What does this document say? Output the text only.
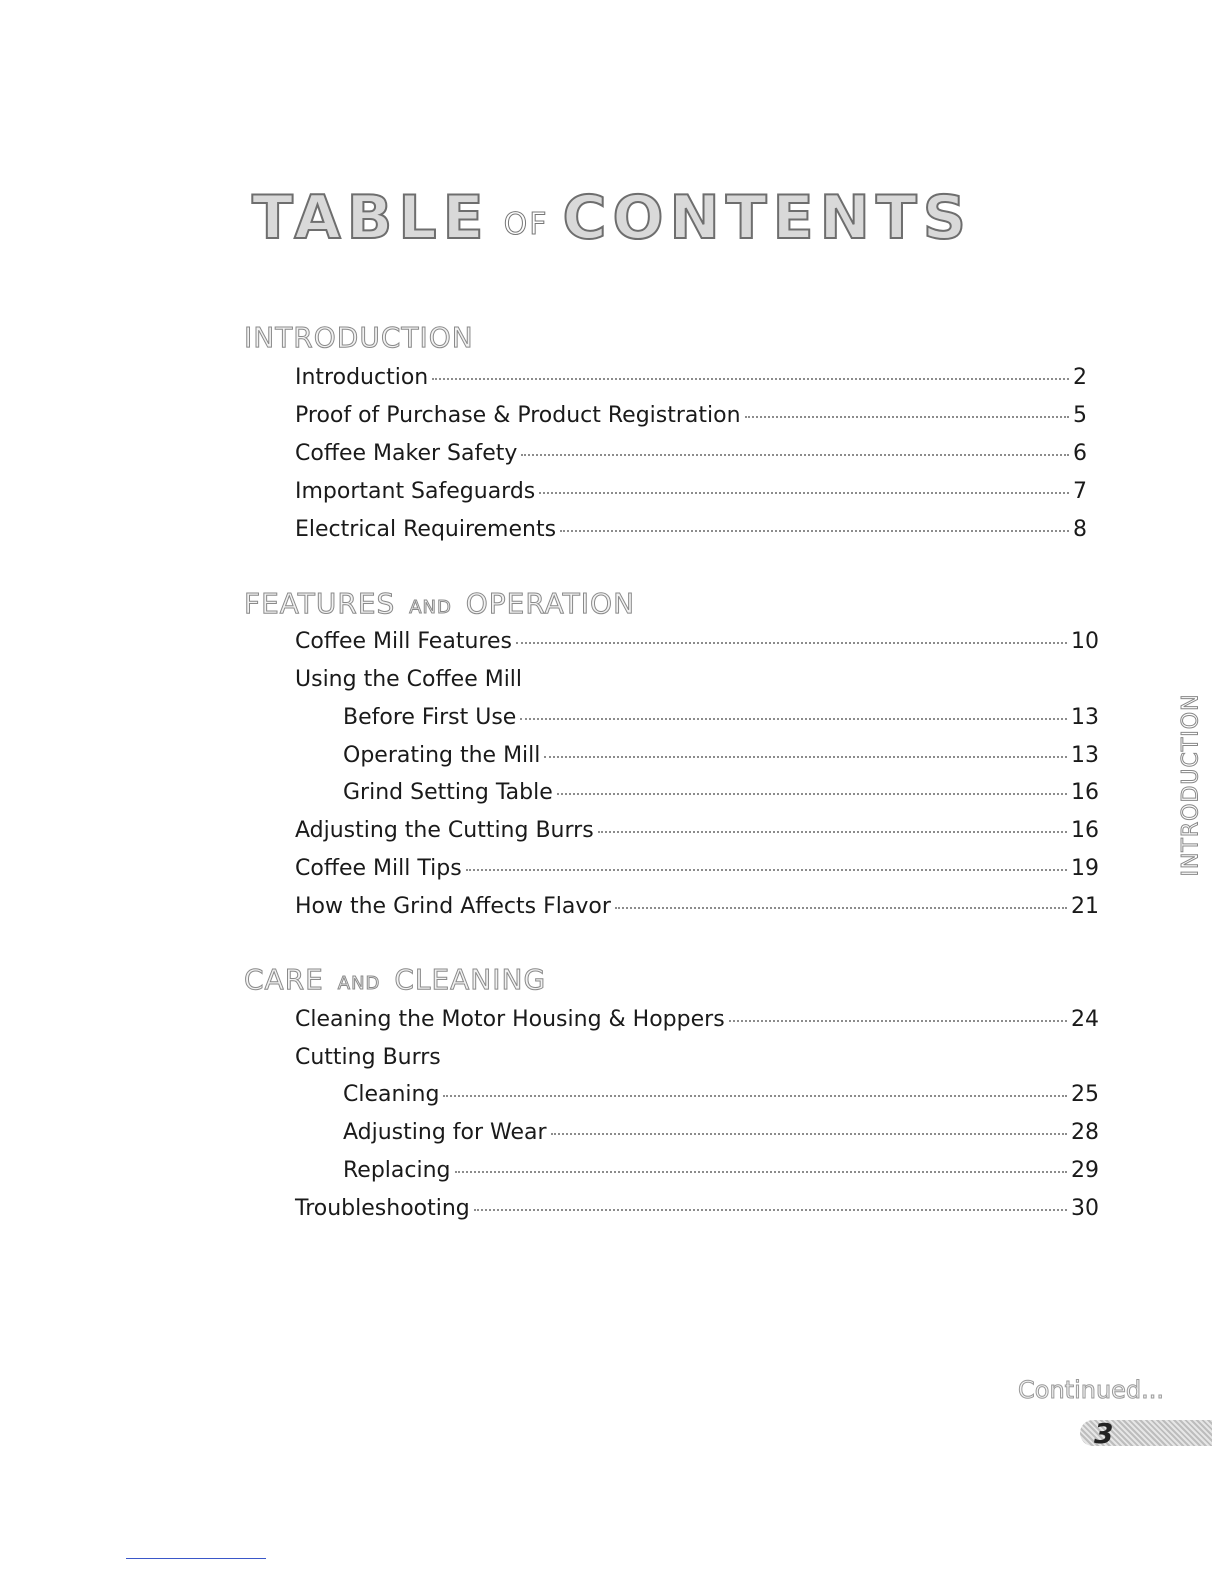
TABLE OF CONTENTS
INTRODUCTION
Introduction	2
Proof of Purchase & Product Registration	5
Coffee Maker Safety	6
Important Safeguards	7
Electrical Requirements	8
FEATURES AND OPERATION
Coffee Mill Features	10
Using the Coffee Mill
Before First Use	13
Operating the Mill	13
Grind Setting Table	16
Adjusting the Cutting Burrs	16
Coffee Mill Tips	19
How the Grind Affects Flavor	21
CARE AND CLEANING
Cleaning the Motor Housing & Hoppers	24
Cutting Burrs
Cleaning	25
Adjusting for Wear	28
Replacing	29
Troubleshooting	30
INTRODUCTION
Continued...
3
